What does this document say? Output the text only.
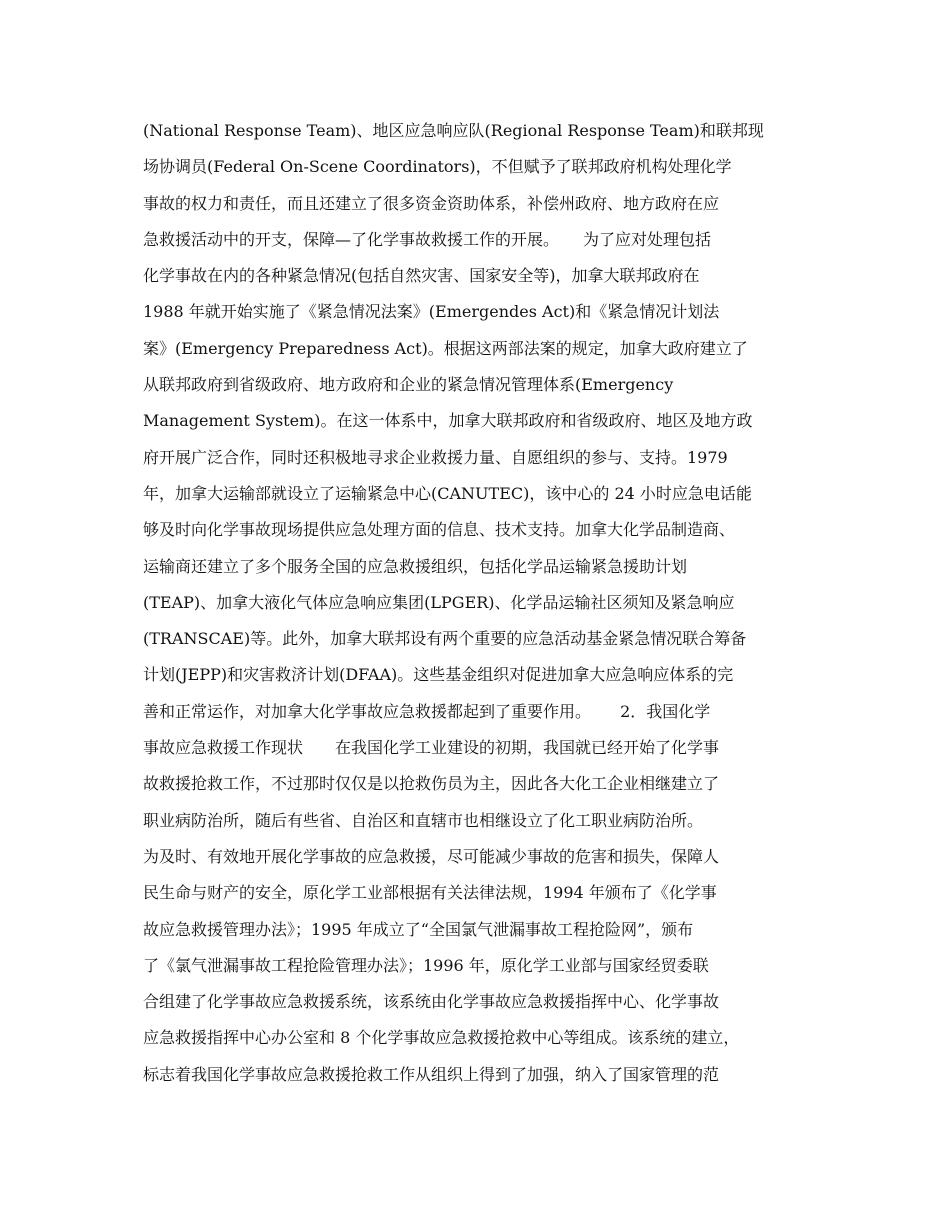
(National Response Team)、地区应急响应队(Regional Response Team)和联邦现
场协调员(Federal On-Scene Coordinators)，不但赋予了联邦政府机构处理化学
事故的权力和责任，而且还建立了很多资金资助体系，补偿州政府、地方政府在应
急救援活动中的开支，保障—了化学事故救援工作的开展。　　为了应对处理包括
化学事故在内的各种紧急情况(包括自然灾害、国家安全等)，加拿大联邦政府在
1988 年就开始实施了《紧急情况法案》(Emergendes Act)和《紧急情况计划法
案》(Emergency Preparedness Act)。根据这两部法案的规定，加拿大政府建立了
从联邦政府到省级政府、地方政府和企业的紧急情况管理体系(Emergency
Management System)。在这一体系中，加拿大联邦政府和省级政府、地区及地方政
府开展广泛合作，同时还积极地寻求企业救援力量、自愿组织的参与、支持。1979
年，加拿大运输部就设立了运输紧急中心(CANUTEC)，该中心的 24 小时应急电话能
够及时向化学事故现场提供应急处理方面的信息、技术支持。加拿大化学品制造商、
运输商还建立了多个服务全国的应急救援组织，包括化学品运输紧急援助计划
(TEAP)、加拿大液化气体应急响应集团(LPGER)、化学品运输社区须知及紧急响应
(TRANSCAE)等。此外，加拿大联邦设有两个重要的应急活动基金紧急情况联合筹备
计划(JEPP)和灾害救济计划(DFAA)。这些基金组织对促进加拿大应急响应体系的完
善和正常运作，对加拿大化学事故应急救援都起到了重要作用。　　 2．我国化学
事故应急救援工作现状　　在我国化学工业建设的初期，我国就已经开始了化学事
故救援抢救工作，不过那时仅仅是以抢救伤员为主，因此各大化工企业相继建立了
职业病防治所，随后有些省、自治区和直辖市也相继设立了化工职业病防治所。
为及时、有效地开展化学事故的应急救援，尽可能减少事故的危害和损失，保障人
民生命与财产的安全，原化学工业部根据有关法律法规，1994 年颁布了《化学事
故应急救援管理办法》；1995 年成立了“全国氯气泄漏事故工程抢险网”，颁布
了《氯气泄漏事故工程抢险管理办法》；1996 年，原化学工业部与国家经贸委联
合组建了化学事故应急救援系统，该系统由化学事故应急救援指挥中心、化学事故
应急救援指挥中心办公室和 8 个化学事故应急救援抢救中心等组成。该系统的建立，
标志着我国化学事故应急救援抢救工作从组织上得到了加强，纳入了国家管理的范
